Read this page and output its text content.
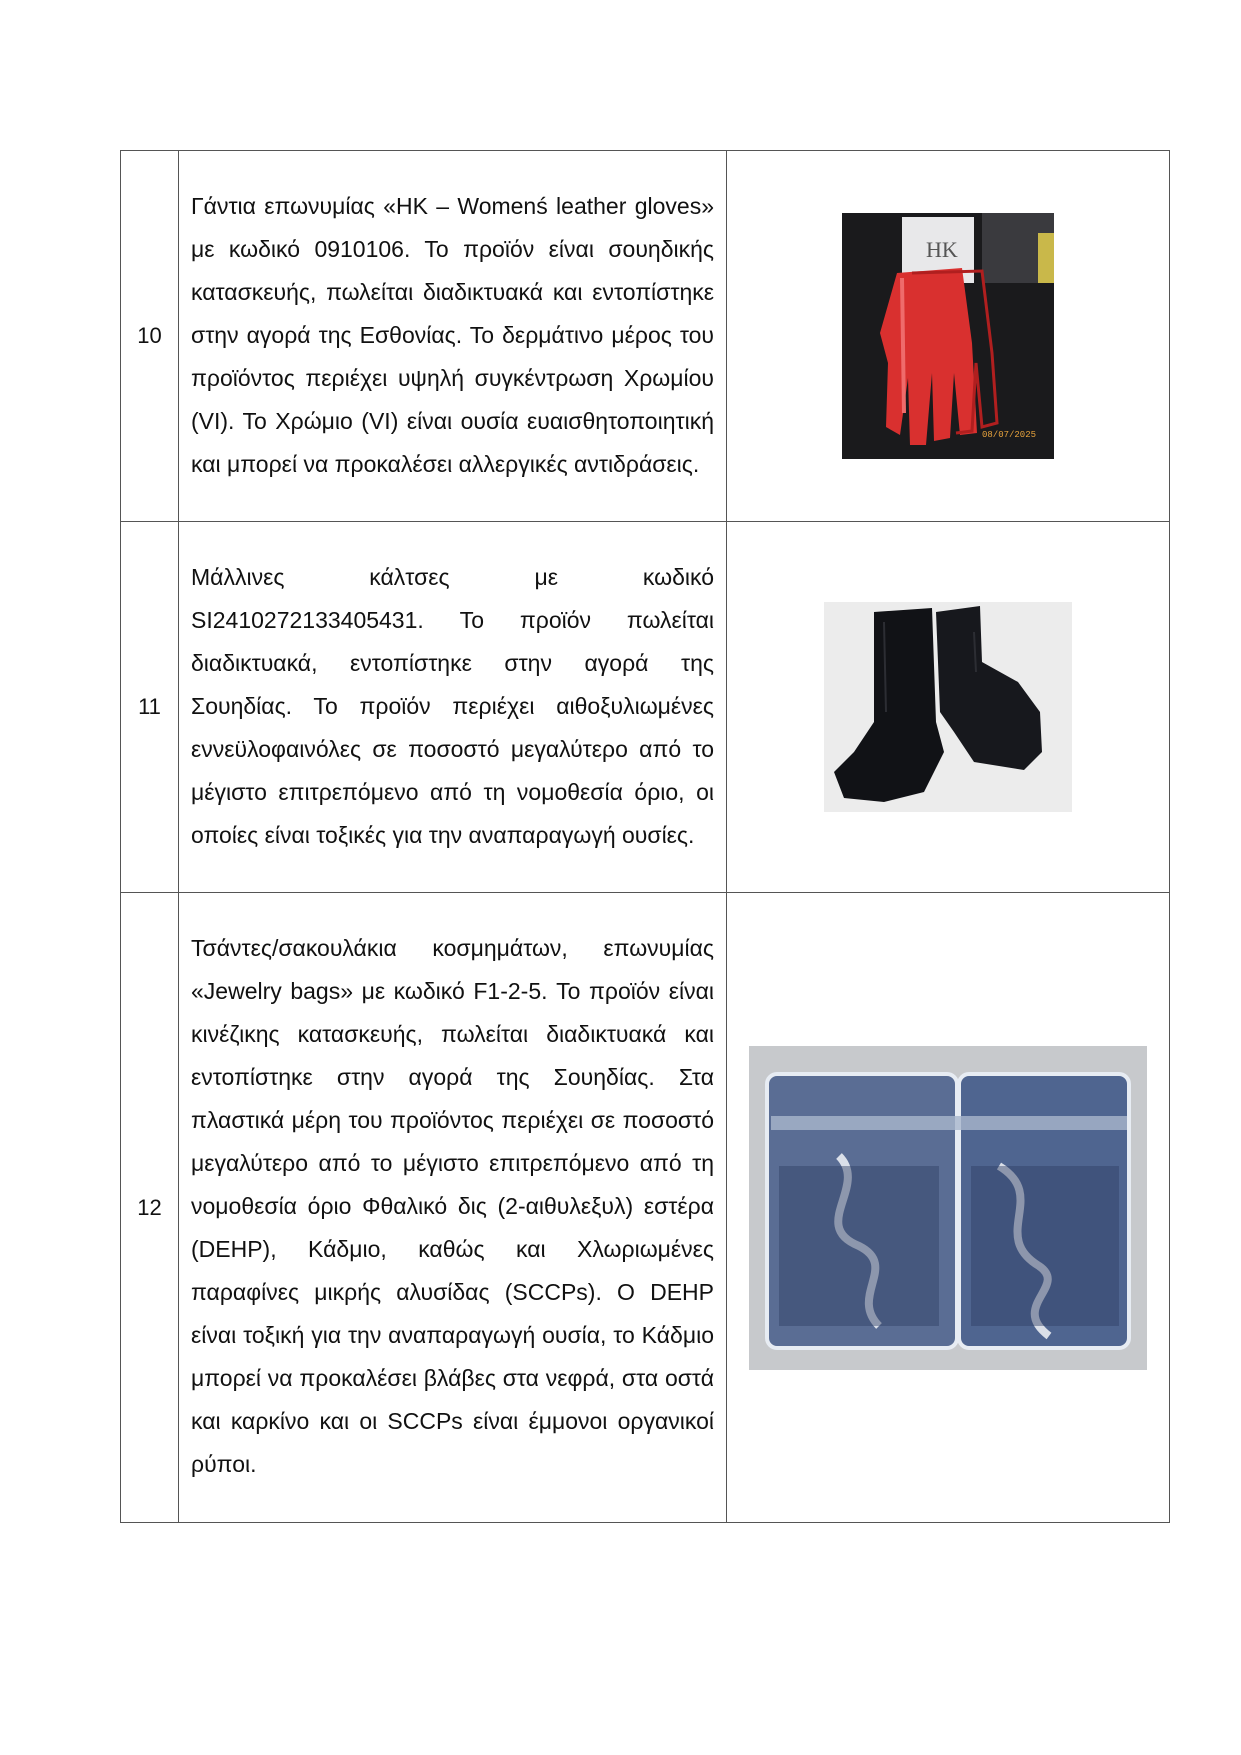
10	Γάντια επωνυμίας «HK – Womenś leather gloves» με κωδικό 0910106. Το προϊόν είναι σουηδικής κατασκευής, πωλείται διαδικτυακά και εντοπίστηκε στην αγορά της Εσθονίας. Το δερμάτινο μέρος του προϊόντος περιέχει υψηλή συγκέντρωση Χρωμίου (VI). Το Χρώμιο (VI) είναι ουσία ευαισθητοποιητική και μπορεί να προκαλέσει αλλεργικές αντιδράσεις.	HK
08/07/2025

11	Μάλλινες κάλτσες με κωδικό SI2410272133405431. Το προϊόν πωλείται διαδικτυακά, εντοπίστηκε στην αγορά της Σουηδίας. Το προϊόν περιέχει αιθοξυλιωμένες εννεϋλοφαινόλες σε ποσοστό μεγαλύτερο από το μέγιστο επιτρεπόμενο από τη νομοθεσία όριο, οι οποίες είναι τοξικές για την αναπαραγωγή ουσίες.

12	Τσάντες/σακουλάκια κοσμημάτων, επωνυμίας «Jewelry bags» με κωδικό F1-2-5. Το προϊόν είναι κινέζικης κατασκευής, πωλείται διαδικτυακά και εντοπίστηκε στην αγορά της Σουηδίας. Στα πλαστικά μέρη του προϊόντος περιέχει σε ποσοστό μεγαλύτερο από το μέγιστο επιτρεπόμενο από τη νομοθεσία όριο Φθαλικό δις (2-αιθυλεξυλ) εστέρα (DEHP), Κάδμιο, καθώς και Χλωριωμένες παραφίνες μικρής αλυσίδας (SCCPs). Ο DEHP είναι τοξική για την αναπαραγωγή ουσία, το Κάδμιο μπορεί να προκαλέσει βλάβες στα νεφρά, στα οστά και καρκίνο και οι SCCPs είναι έμμονοι οργανικοί ρύποι.
